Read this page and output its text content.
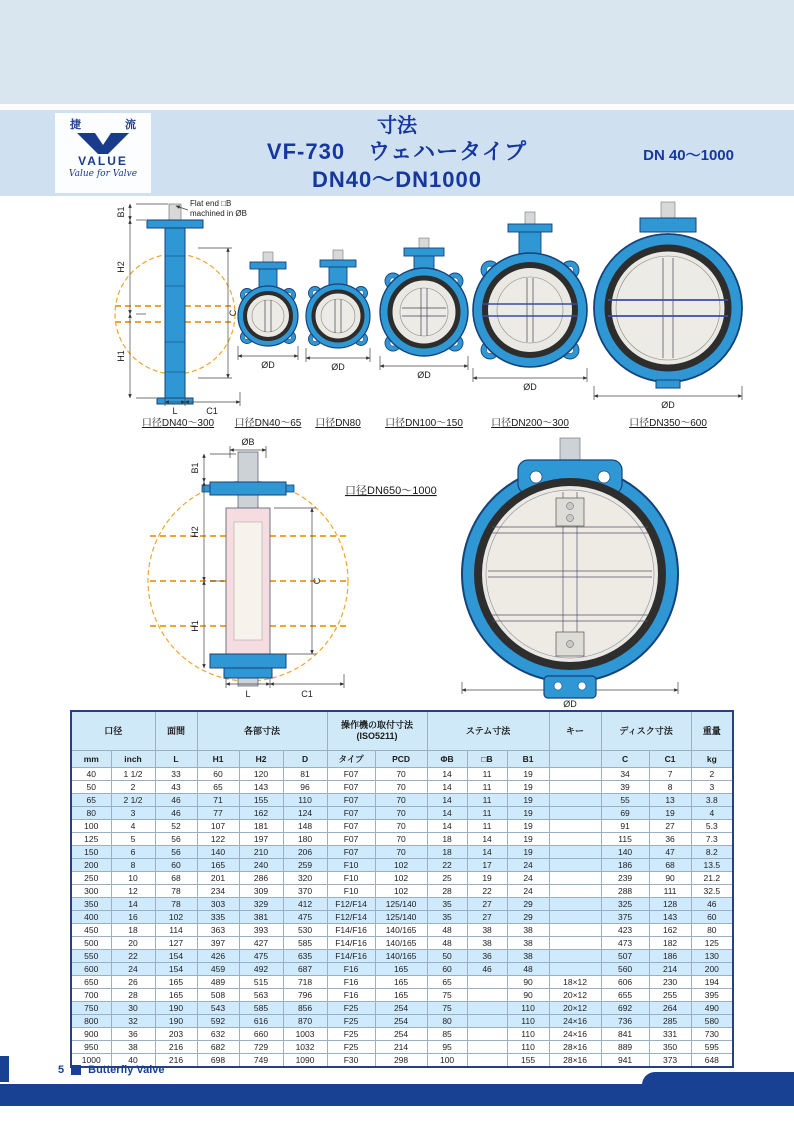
捷	流
VALUE
Value for Valve
寸法
VF-730　ウェハータイプ
DN40～DN1000
DN 40～1000
B1
H2
H1
C
L	C1
Flat end □B
machined in ØB
口径DN40～300
ØD
口径DN40～65
ØD
口径DN80
ØD
口径DN100～150
ØD
口径DN200～300
ØD
口径DN350～600
ØB
B1
H2
H1
C
L	C1
口径DN650～1000
ØD
口径		面間	各部寸法			操作機の取付寸法
(ISO5211)		ステム寸法			キー	ディスク寸法		重量
mm	inch	L	H1	H2	D	タイプ	PCD	ΦB	□B	B1		C	C1	kg
40	1 1/2	33	60	120	81	F07	70	14	11	19		34	7	2
50	2	43	65	143	96	F07	70	14	11	19		39	8	3
65	2 1/2	46	71	155	110	F07	70	14	11	19		55	13	3.8
80	3	46	77	162	124	F07	70	14	11	19		69	19	4
100	4	52	107	181	148	F07	70	14	11	19		91	27	5.3
125	5	56	122	197	180	F07	70	18	14	19		115	36	7.3
150	6	56	140	210	206	F07	70	18	14	19		140	47	8.2
200	8	60	165	240	259	F10	102	22	17	24		186	68	13.5
250	10	68	201	286	320	F10	102	25	19	24		239	90	21.2
300	12	78	234	309	370	F10	102	28	22	24		288	111	32.5
350	14	78	303	329	412	F12/F14	125/140	35	27	29		325	128	46
400	16	102	335	381	475	F12/F14	125/140	35	27	29		375	143	60
450	18	114	363	393	530	F14/F16	140/165	48	38	38		423	162	80
500	20	127	397	427	585	F14/F16	140/165	48	38	38		473	182	125
550	22	154	426	475	635	F14/F16	140/165	50	36	38		507	186	130
600	24	154	459	492	687	F16	165	60	46	48		560	214	200
650	26	165	489	515	718	F16	165	65		90	18×12	606	230	194
700	28	165	508	563	796	F16	165	75		90	20×12	655	255	395
750	30	190	543	585	856	F25	254	75		110	20×12	692	264	490
800	32	190	592	616	870	F25	254	80		110	24×16	736	285	580
900	36	203	632	660	1003	F25	254	85		110	24×16	841	331	730
950	38	216	682	729	1032	F25	214	95		110	28×16	889	350	595
1000	40	216	698	749	1090	F30	298	100		155	28×16	941	373	648
5 Butterfly Valve
